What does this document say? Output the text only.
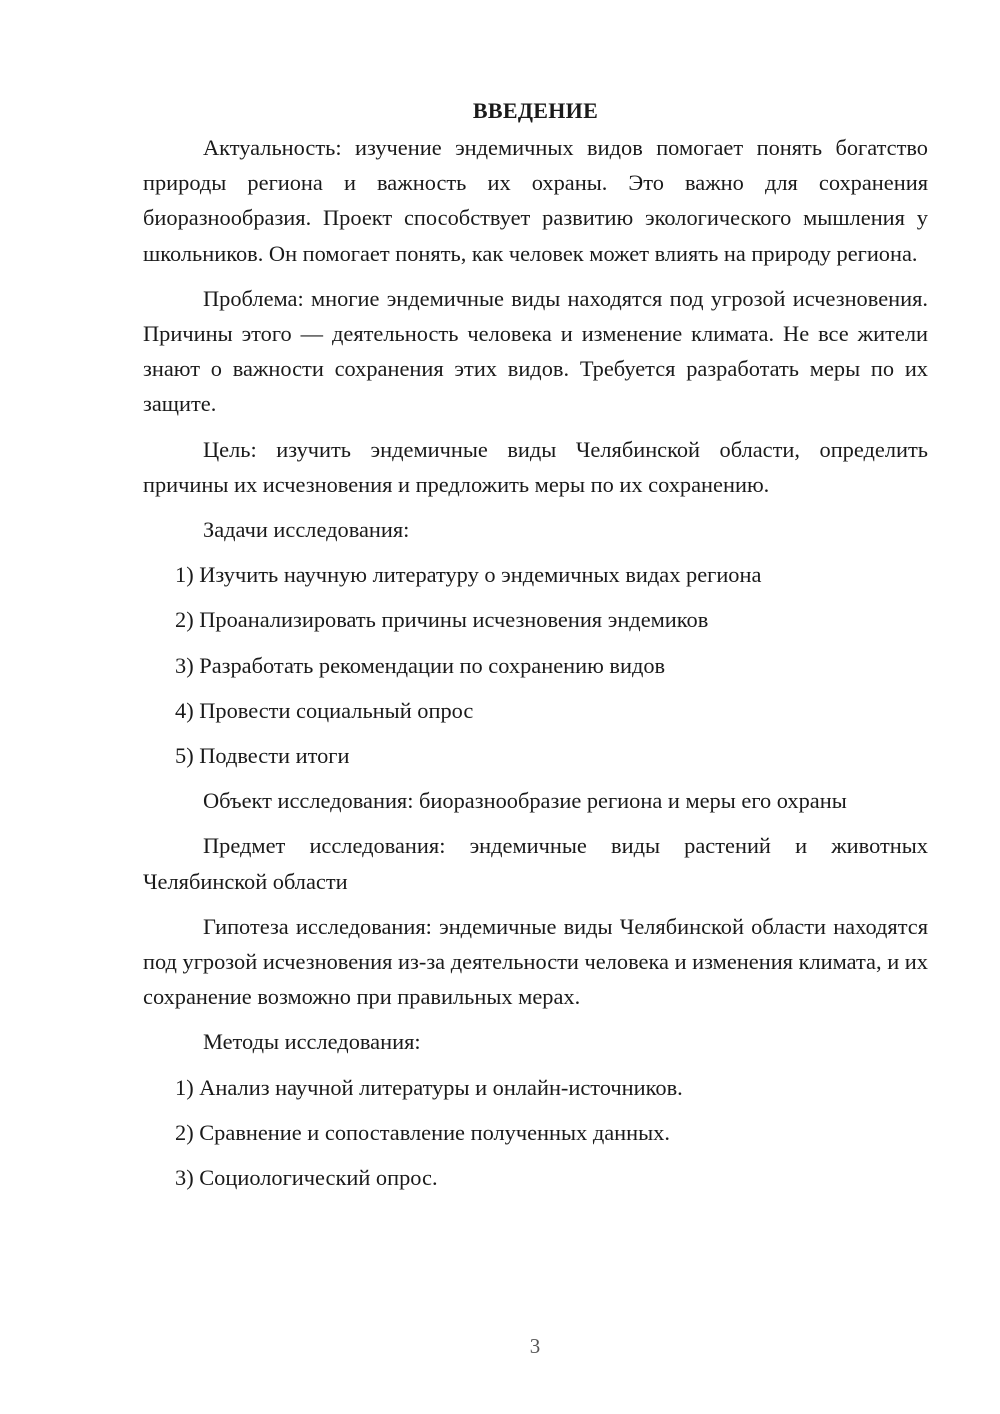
ВВЕДЕНИЕ

Актуальность: изучение эндемичных видов помогает понять богатство природы региона и важность их охраны. Это важно для сохранения биоразнообразия. Проект способствует развитию экологического мышления у школьников. Он помогает понять, как человек может влиять на природу региона.

Проблема: многие эндемичные виды находятся под угрозой исчезновения. Причины этого — деятельность человека и изменение климата. Не все жители знают о важности сохранения этих видов. Требуется разработать меры по их защите.

Цель: изучить эндемичные виды Челябинской области, определить причины их исчезновения и предложить меры по их сохранению.

Задачи исследования:

1) Изучить научную литературу о эндемичных видах региона
2) Проанализировать причины исчезновения эндемиков
3) Разработать рекомендации по сохранению видов
4) Провести социальный опрос
5) Подвести итоги

Объект исследования: биоразнообразие региона и меры его охраны

Предмет исследования: эндемичные виды растений и животных Челябинской области

Гипотеза исследования: эндемичные виды Челябинской области находятся под угрозой исчезновения из-за деятельности человека и изменения климата, и их сохранение возможно при правильных мерах.

Методы исследования:

1) Анализ научной литературы и онлайн-источников.
2) Сравнение и сопоставление полученных данных.
3) Социологический опрос.
3
